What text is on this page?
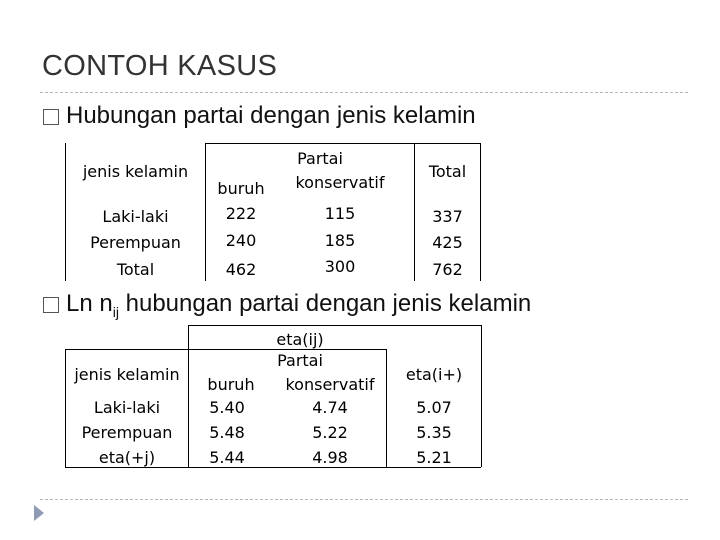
CONTOH KASUS
Hubungan partai dengan jenis kelamin
jenis kelamin
Partai
buruh	konservatif
Total
Laki-laki	222	115	337
Perempuan	240	185	425
Total	462	300	762
Ln $n_{ij}$ hubungan partai dengan jenis kelamin
eta(ij)
Partai
jenis kelamin
buruh	konservatif
eta(i+)
Laki-laki	5.40	4.74	5.07
Perempuan	5.48	5.22	5.35
eta(+j)	5.44	4.98	5.21
